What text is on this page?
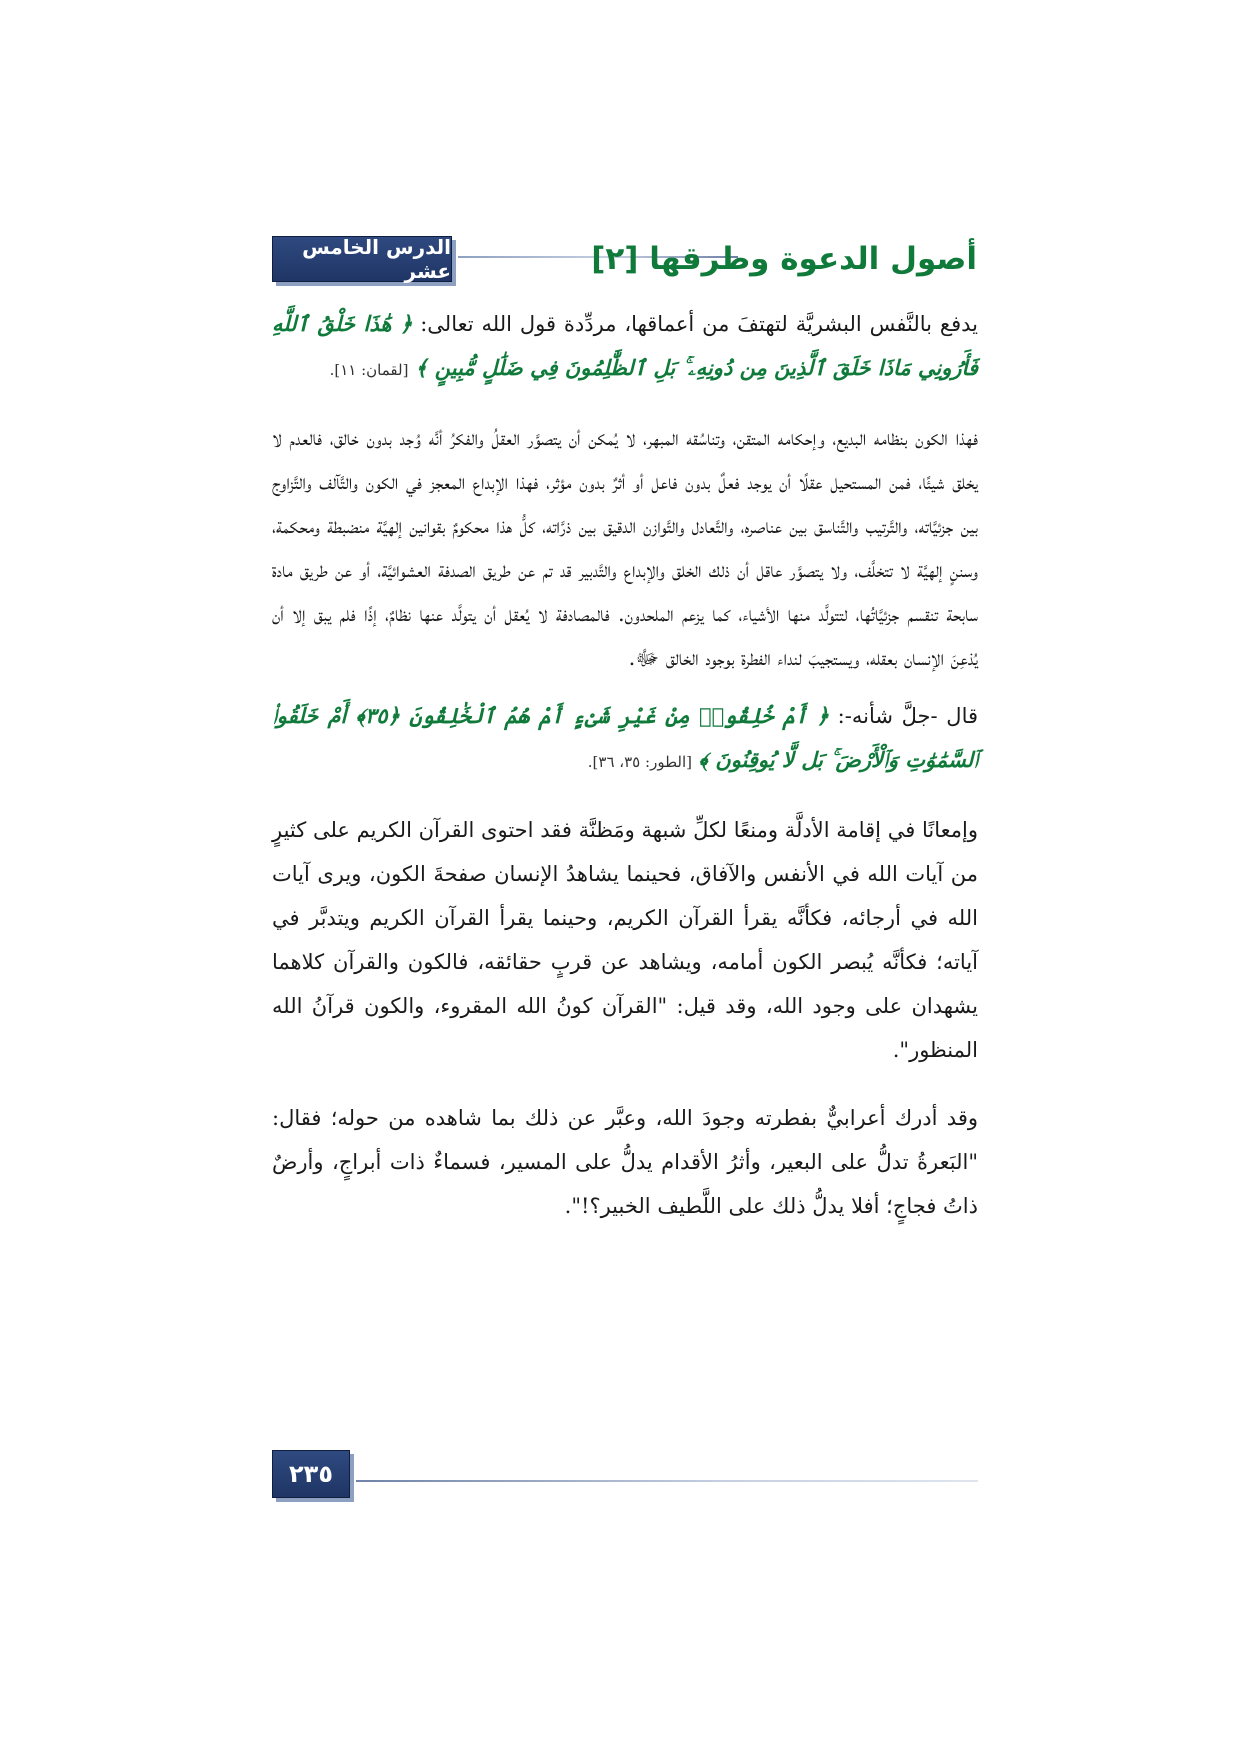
الدرس الخامس عشر	أصول الدعوة وطرقها [٢]

يدفع بالنَّفس البشريَّة لتهتفَ من أعماقها، مردِّدة قول الله تعالى: ﴿ هَٰذَا خَلْقُ ٱللَّهِ فَأَرُونِي مَاذَا خَلَقَ ٱلَّذِينَ مِن دُونِهِۦ ۚ بَلِ ٱلظَّٰلِمُونَ فِي ضَلَٰلٍ مُّبِينٍ ﴾ [لقمان: ١١].

فهذا الكون بنظامه البديع، وإحكامه المتقن، وتناسُقه المبهر، لا يُمكن أن يتصوَّر العقلُ والفكرُ أنَّه وُجد بدون خالق، فالعدم لا يخلق شيئًا، فمن المستحيل عقلًا أن يوجد فعلٌ بدون فاعل أو أثرٌ بدون مؤثر، فهذا الإبداع المعجز في الكون والتَّآلف والتَّزاوج بين جزئيَّاته، والتَّرتيب والتَّناسق بين عناصره، والتَّعادل والتَّوازن الدقيق بين ذرَّاته، كلُّ هذا محكومٌ بقوانين إلهيَّة منضبطة ومحكمة، وسننٍ إلهيَّة لا تتخلَّف، ولا يتصوَّر عاقل أن ذلك الخلق والإبداع والتَّدبير قد تم عن طريق الصدفة العشوائيَّة، أو عن طريق مادة سابحة تنقسم جزئيَّاتُها، لتتولَّد منها الأشياء، كما يزعم الملحدون. فالمصادفة لا يُعقل أن يتولَّد عنها نظامٌ، إذًا فلم يبق إلا أن يُذعِنَ الإنسان بعقله، ويستجيبَ لنداء الفطرة بوجود الخالق ﷻ.

قال -جلَّ شأنه-: ﴿ أَمْ خُلِقُوا۟ مِنْ غَيْرِ شَىْءٍ أَمْ هُمُ ٱلْخَٰلِقُونَ ﴿٣٥﴾ أَمْ خَلَقُوا۟ ٱلسَّمَٰوَٰتِ وَٱلْأَرْضَ ۚ بَل لَّا يُوقِنُونَ ﴾ [الطور: ٣٥، ٣٦].

وإمعانًا في إقامة الأدلَّة ومنعًا لكلِّ شبهة ومَظنَّة فقد احتوى القرآن الكريم على كثيرٍ من آيات الله في الأنفس والآفاق، فحينما يشاهدُ الإنسان صفحةَ الكون، ويرى آيات الله في أرجائه، فكأنَّه يقرأ القرآن الكريم، وحينما يقرأ القرآن الكريم ويتدبَّر في آياته؛ فكأنَّه يُبصر الكون أمامه، ويشاهد عن قربٍ حقائقه، فالكون والقرآن كلاهما يشهدان على وجود الله، وقد قيل: "القرآن كونُ الله المقروء، والكون قرآنُ الله المنظور".

وقد أدرك أعرابيٌّ بفطرته وجودَ الله، وعبَّر عن ذلك بما شاهده من حوله؛ فقال: "البَعرةُ تدلُّ على البعير، وأثرُ الأقدام يدلُّ على المسير، فسماءٌ ذات أبراجٍ، وأرضٌ ذاتُ فجاجٍ؛ أفلا يدلُّ ذلك على اللَّطيف الخبير؟!".

٢٣٥
